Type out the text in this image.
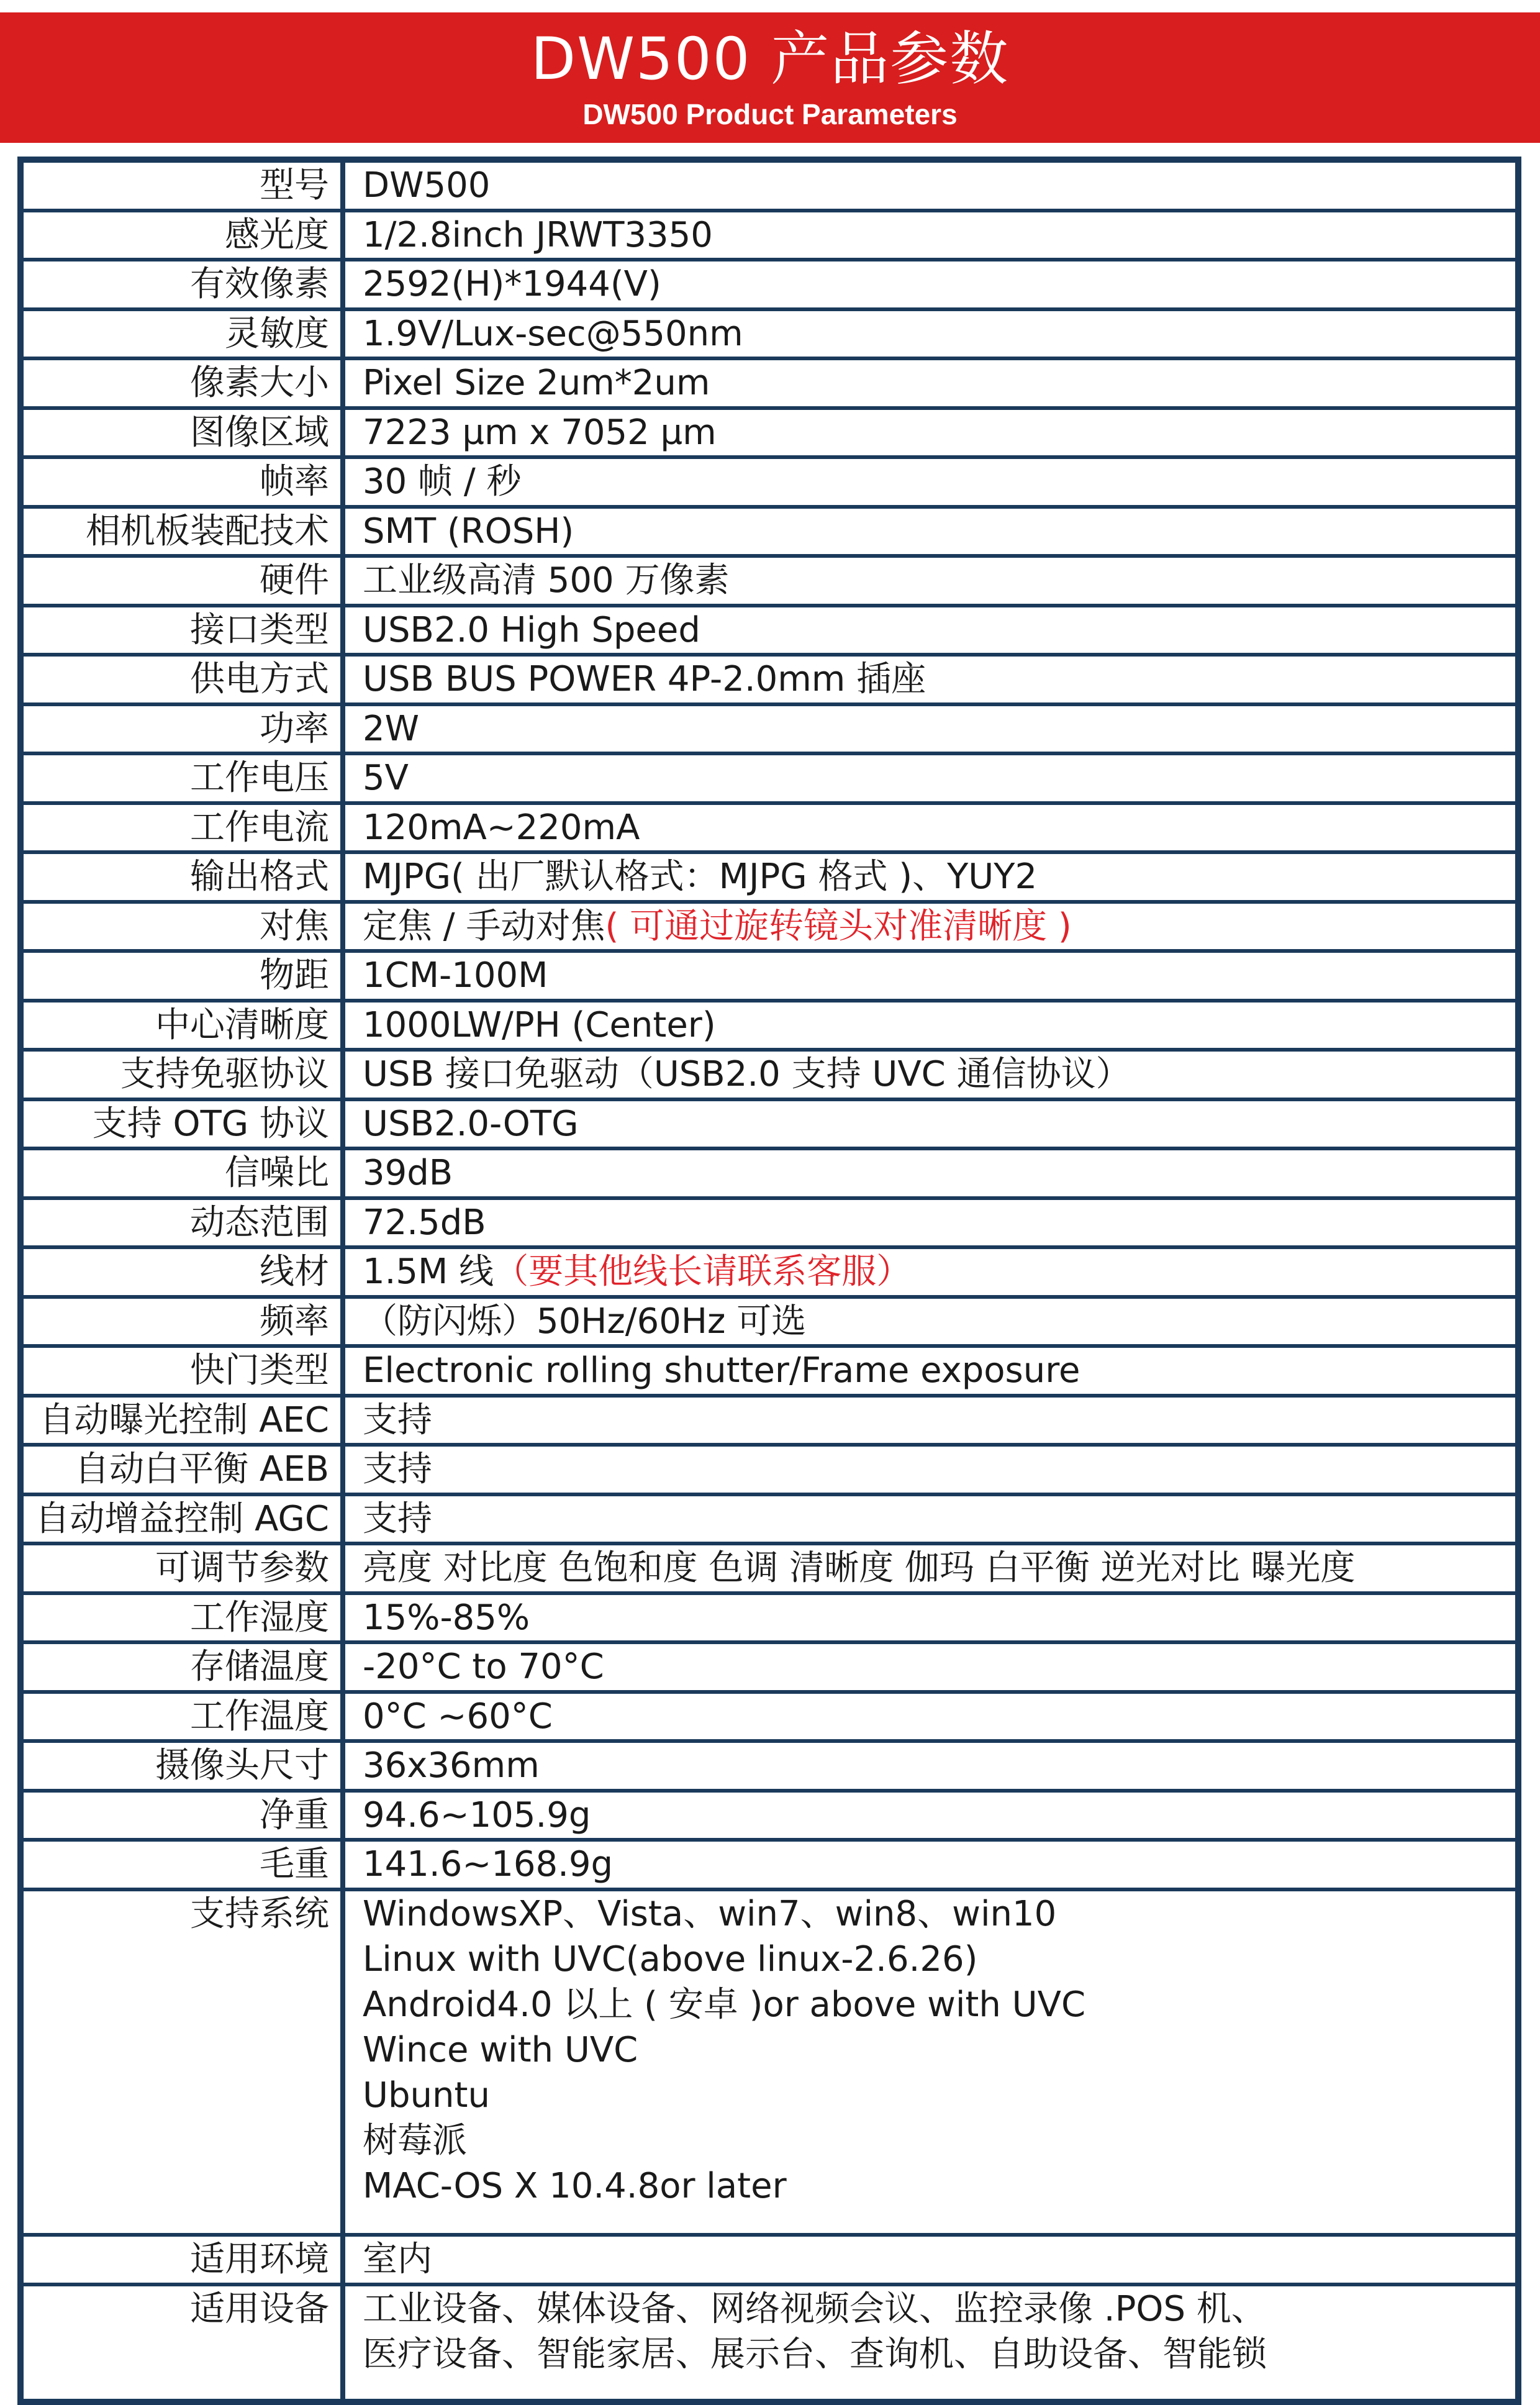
DW500 产品参数
DW500 Product Parameters
型号 DW500
感光度 1/2.8inch JRWT3350
有效像素 2592(H)*1944(V)
灵敏度 1.9V/Lux-sec@550nm
像素大小 Pixel Size 2um*2um
图像区域 7223 µm x 7052 µm
帧率 30 帧 / 秒
相机板装配技术 SMT (ROSH)
硬件 工业级高清 500 万像素
接口类型 USB2.0 High Speed
供电方式 USB BUS POWER 4P-2.0mm 插座
功率 2W
工作电压 5V
工作电流 120mA~220mA
输出格式 MJPG( 出厂默认格式：MJPG 格式 )、YUY2
对焦 定焦 / 手动对焦( 可通过旋转镜头对准清晰度 )
物距 1CM-100M
中心清晰度 1000LW/PH (Center)
支持免驱协议 USB 接口免驱动（USB2.0 支持 UVC 通信协议）
支持 OTG 协议 USB2.0-OTG
信噪比 39dB
动态范围 72.5dB
线材 1.5M 线（要其他线长请联系客服）
频率 （防闪烁）50Hz/60Hz 可选
快门类型 Electronic rolling shutter/Frame exposure
自动曝光控制 AEC 支持
自动白平衡 AEB 支持
自动增益控制 AGC 支持
可调节参数 亮度 对比度 色饱和度 色调 清晰度 伽玛 白平衡 逆光对比 曝光度
工作湿度 15%-85%
存储温度 -20°C to 70°C
工作温度 0°C ~60°C
摄像头尺寸 36x36mm
净重 94.6~105.9g
毛重 141.6~168.9g
支持系统 WindowsXP、Vista、win7、win8、win10
Linux with UVC(above linux-2.6.26)
Android4.0 以上 ( 安卓 )or above with UVC
Wince with UVC
Ubuntu
树莓派
MAC-OS X 10.4.8or later
适用环境 室内
适用设备 工业设备、媒体设备、网络视频会议、监控录像 .POS 机、
医疗设备、智能家居、展示台、查询机、自助设备、智能锁
